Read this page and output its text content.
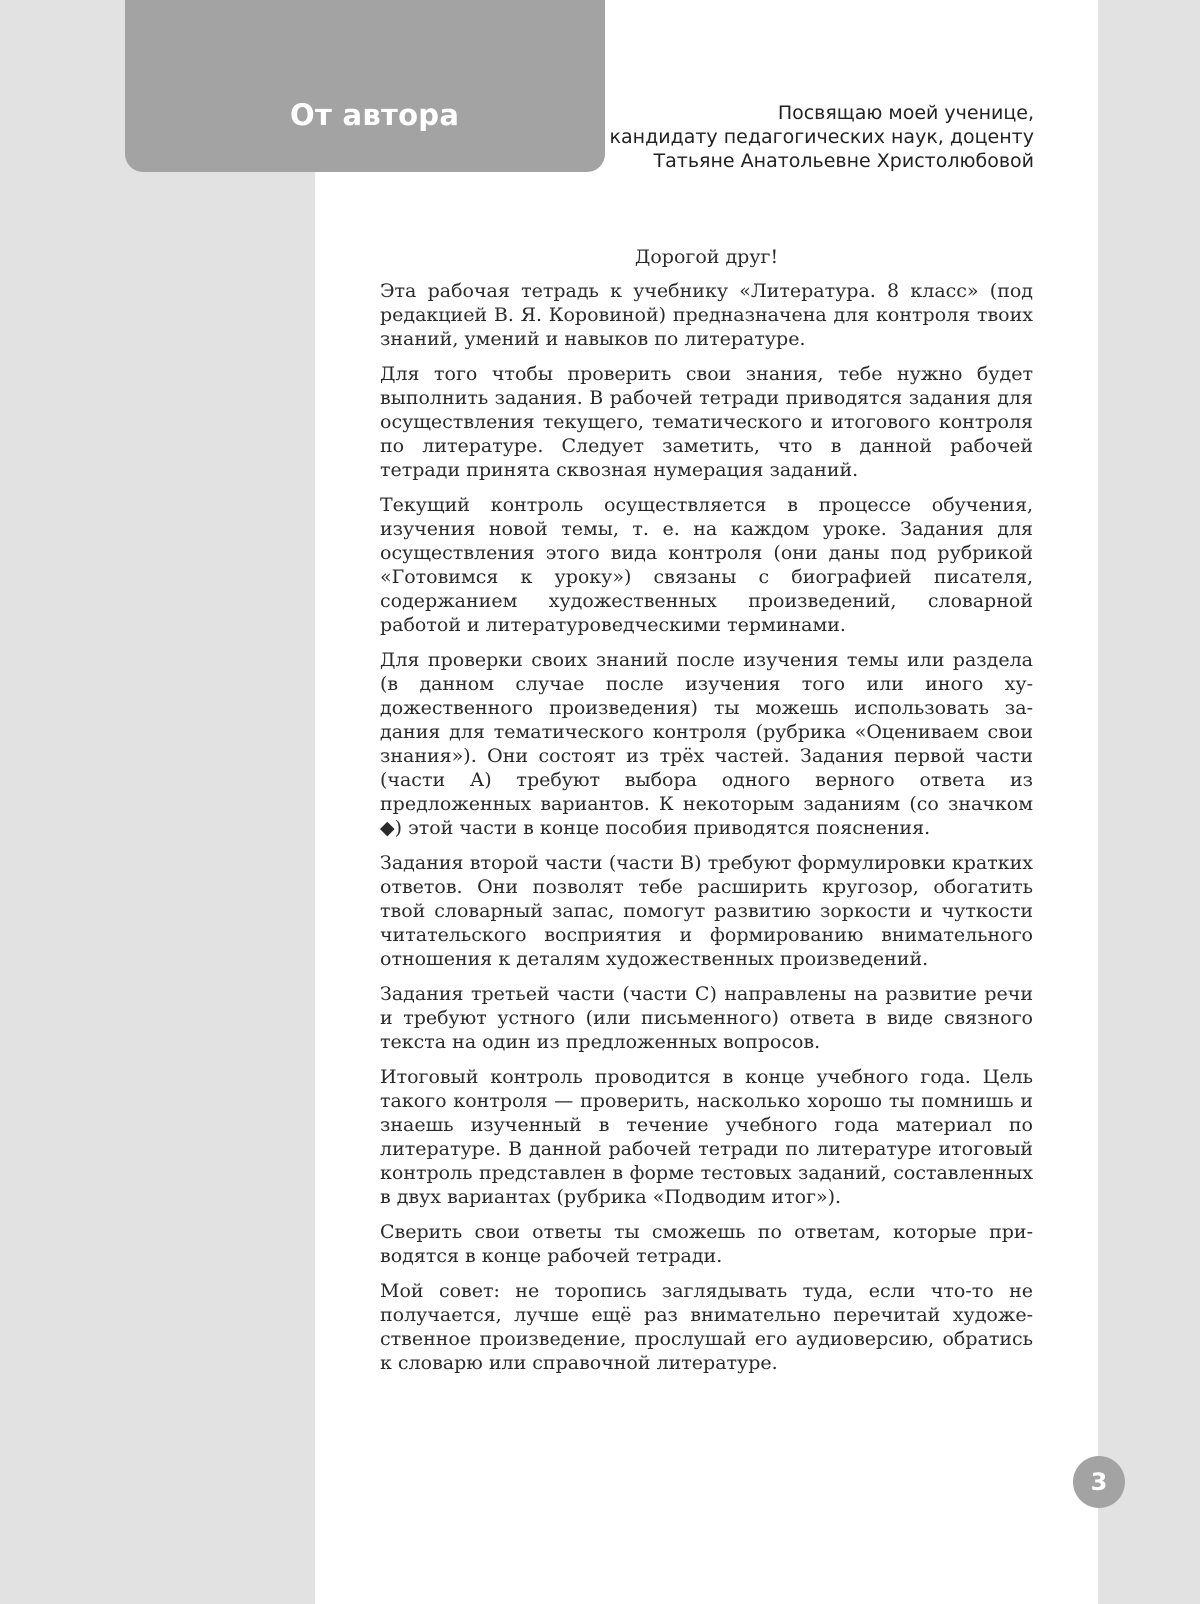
От автора	Посвящаю моей ученице,
кандидату педагогических наук, доценту
Татьяне Анатольевне Христолюбовой
Дорогой друг!

Эта рабочая тетрадь к учебнику «Литература. 8 класс» (под редакцией В. Я. Коровиной) предназначена для контроля твоих знаний, умений и навыков по литературе.

Для того чтобы проверить свои знания, тебе нужно будет выполнить задания. В рабочей тетради приводятся задания для осуществления текущего, тематического и итогового контроля по литературе. Следует заметить, что в данной рабочей тетради принята сквозная нумерация заданий.

Текущий контроль осуществляется в процессе обучения, изучения новой темы, т. е. на каждом уроке. Задания для осуществления этого вида контроля (они даны под рубрикой «Готовимся к уроку») связаны с биографией писателя, содержанием художественных произведений, словарной работой и литературоведческими терминами.

Для проверки своих знаний после изучения темы или раздела (в данном случае после изучения того или иного художественного произведения) ты можешь использовать задания для тематического контроля (рубрика «Оцениваем свои знания»). Они состоят из трёх частей. Задания первой части (части А) требуют выбора одного верного ответа из предложенных вариантов. К некоторым заданиям (со значком ◆) этой части в конце пособия приводятся пояснения.

Задания второй части (части В) требуют формулировки кратких ответов. Они позволят тебе расширить кругозор, обогатить твой словарный запас, помогут развитию зоркости и чуткости читательского восприятия и формированию внимательного отношения к деталям художественных произведений.

Задания третьей части (части С) направлены на развитие речи и требуют устного (или письменного) ответа в виде связного текста на один из предложенных вопросов.

Итоговый контроль проводится в конце учебного года. Цель такого контроля — проверить, насколько хорошо ты помнишь и знаешь изученный в течение учебного года материал по литературе. В данной рабочей тетради по литературе итоговый контроль представлен в форме тестовых заданий, составленных в двух вариантах (рубрика «Подводим итог»).

Сверить свои ответы ты сможешь по ответам, которые приводятся в конце рабочей тетради.

Мой совет: не торопись заглядывать туда, если что-то не получается, лучше ещё раз внимательно перечитай художественное произведение, прослушай его аудиоверсию, обратись к словарю или справочной литературе.

3
